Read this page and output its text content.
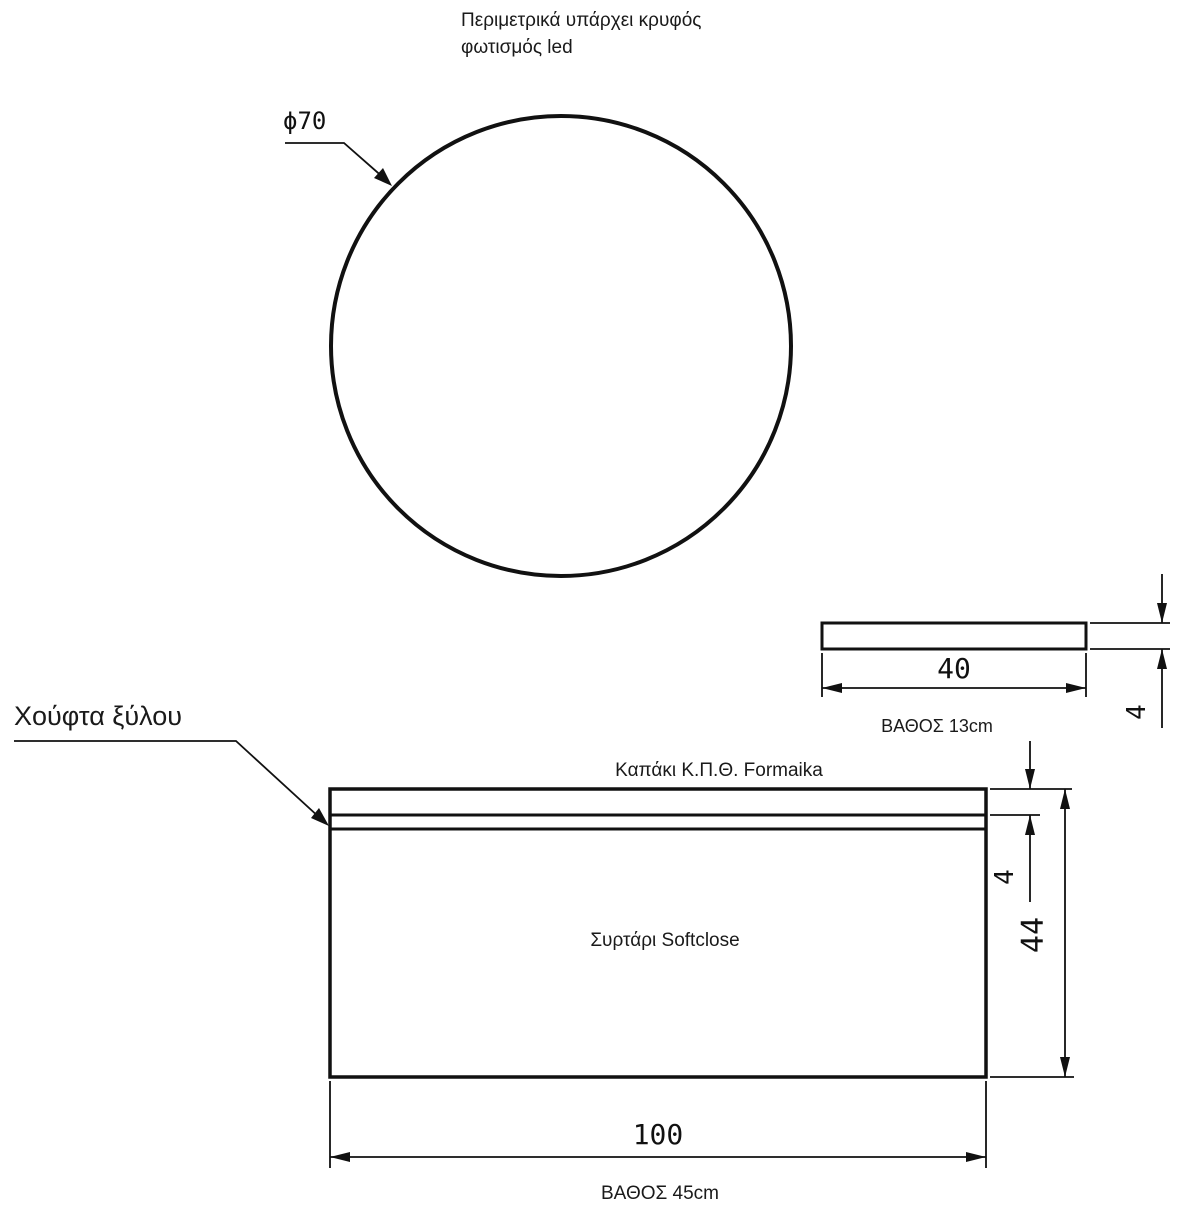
Περιμετρικά υπάρχει κρυφός
φωτισμός led
ϕ70
40
4
ΒΑΘΟΣ 13cm
Χούφτα ξύλου
Καπάκι Κ.Π.Θ. Formaika
Συρτάρι Softclose
4
44
100
ΒΑΘΟΣ 45cm
